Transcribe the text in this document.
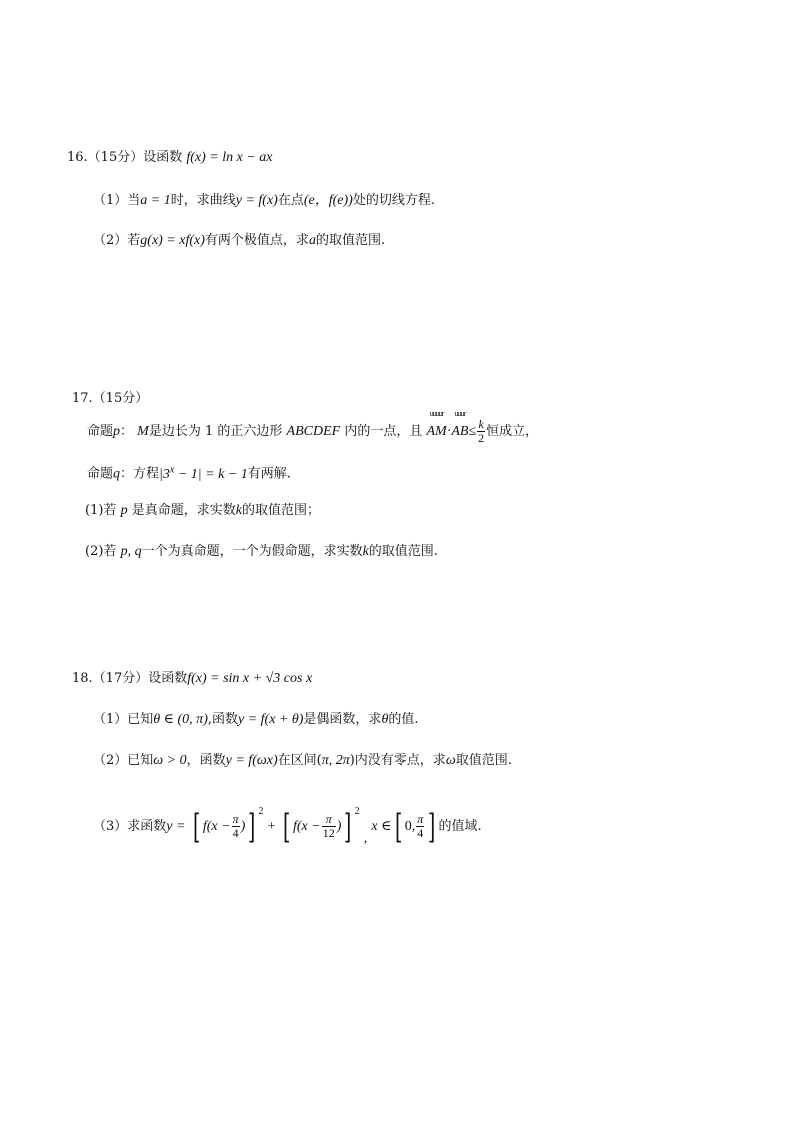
16.（15分）设函数 f(x) = ln x − ax
（1）当a = 1时，求曲线y = f(x)在点(e，f(e))处的切线方程.
（2）若g(x) = xf(x)有两个极值点，求a的取值范围.
17.（15分）
命题p： M是边长为 1 的正六边形 ABCDEF 内的一点，且
uuuur
AM·
uuur
$AB\le \frac{k}{2}$ 恒成立，
命题q：方程$|3^x - 1| = k - 1$有两解.
(1)若 p 是真命题，求实数k的取值范围；
(2)若 p, q一个为真命题，一个为假命题，求实数k的取值范围.
18.（17分）设函数f(x) = sin x + √3 cos x
（1）已知θ ∈ (0, π),函数y = f(x + θ)是偶函数，求θ的值.
（2）已知ω > 0，函数y = f(ωx)在区间(π, 2π)内没有零点，求ω取值范围.
（3）求函数y = [ $f(x - \frac{\pi}{4}$ )] $^2$ + [ $f(x - \frac{\pi}{12}$ )] $^2$ , x ∈[ 0, $\frac{\pi}{4}$ ] 的值域.
